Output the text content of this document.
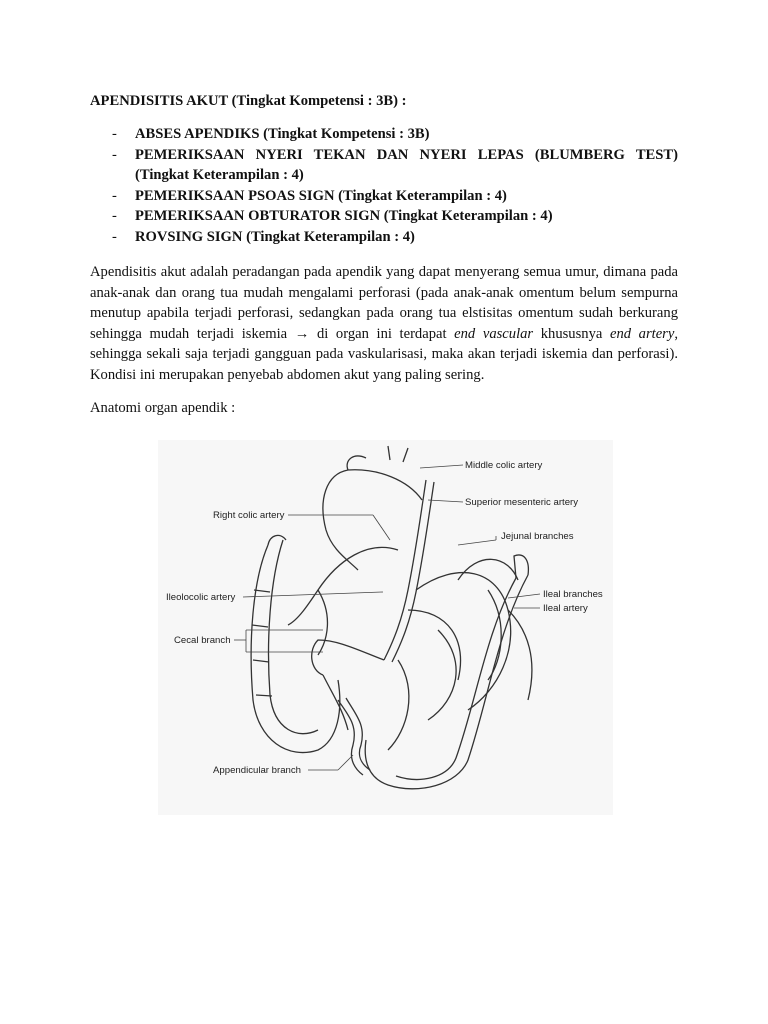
APENDISITIS AKUT (Tingkat Kompetensi : 3B) :
- ABSES APENDIKS (Tingkat Kompetensi : 3B)
- PEMERIKSAAN NYERI TEKAN DAN NYERI LEPAS (BLUMBERG TEST) (Tingkat Keterampilan : 4)
- PEMERIKSAAN PSOAS SIGN (Tingkat Keterampilan : 4)
- PEMERIKSAAN OBTURATOR SIGN (Tingkat Keterampilan : 4)
- ROVSING SIGN (Tingkat Keterampilan : 4)

Apendisitis akut adalah peradangan pada apendik yang dapat menyerang semua umur, dimana pada anak-anak dan orang tua mudah mengalami perforasi (pada anak-anak omentum belum sempurna menutup apabila terjadi perforasi, sedangkan pada orang tua elstisitas omentum sudah berkurang sehingga mudah terjadi iskemia → di organ ini terdapat end vascular khususnya end artery, sehingga sekali saja terjadi gangguan pada vaskularisasi, maka akan terjadi iskemia dan perforasi). Kondisi ini merupakan penyebab abdomen akut yang paling sering.

Anatomi organ apendik :
Middle colic artery
Superior mesenteric artery
Right colic artery
Jejunal branches
Ileolocolic artery	Ileal branches
Ileal artery
Cecal branch
Appendicular branch
